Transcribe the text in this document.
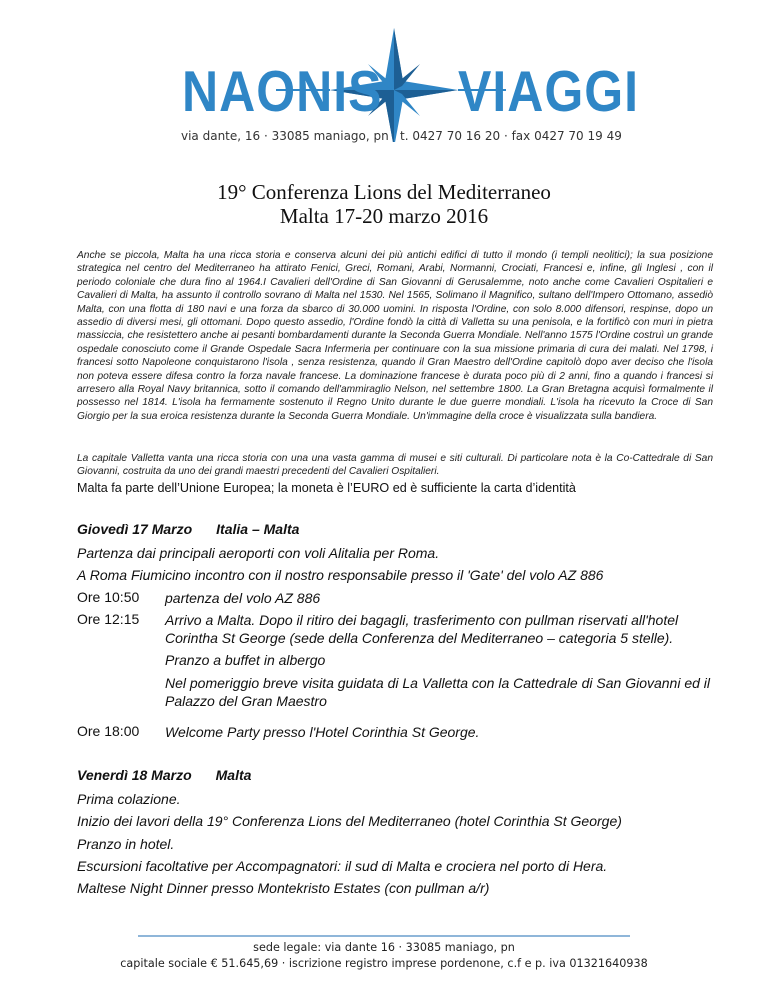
NAONIS VIAGGI
via dante, 16 · 33085 maniago, pn t. 0427 70 16 20 · fax 0427 70 19 49
19° Conferenza Lions del Mediterraneo
Malta 17-20 marzo 2016

Anche se piccola, Malta ha una ricca storia e conserva alcuni dei più antichi edifici di tutto il mondo (i templi neolitici); la sua posizione strategica nel centro del Mediterraneo ha attirato Fenici, Greci, Romani, Arabi, Normanni, Crociati, Francesi e, infine, gli Inglesi , con il periodo coloniale che dura fino al 1964.I Cavalieri dell'Ordine di San Giovanni di Gerusalemme, noto anche come Cavalieri Ospitalieri e Cavalieri di Malta, ha assunto il controllo sovrano di Malta nel 1530. Nel 1565, Solimano il Magnifico, sultano dell'Impero Ottomano, assediò Malta, con una flotta di 180 navi e una forza da sbarco di 30.000 uomini. In risposta l'Ordine, con solo 8.000 difensori, respinse, dopo un assedio di diversi mesi, gli ottomani. Dopo questo assedio, l'Ordine fondò la città di Valletta su una penisola, e la fortificò con muri in pietra massiccia, che resistettero anche ai pesanti bombardamenti durante la Seconda Guerra Mondiale. Nell'anno 1575 l'Ordine costruì un grande ospedale conosciuto come il Grande Ospedale Sacra Infermeria per continuare con la sua missione primaria di cura dei malati. Nel 1798, i francesi sotto Napoleone conquistarono l'isola , senza resistenza, quando il Gran Maestro dell'Ordine capitolò dopo aver deciso che l'isola non poteva essere difesa contro la forza navale francese. La dominazione francese è durata poco più di 2 anni, fino a quando i francesi si arresero alla Royal Navy britannica, sotto il comando dell'ammiraglio Nelson, nel settembre 1800. La Gran Bretagna acquisì formalmente il possesso nel 1814. L'isola ha fermamente sostenuto il Regno Unito durante le due guerre mondiali. L'isola ha ricevuto la Croce di San Giorgio per la sua eroica resistenza durante la Seconda Guerra Mondiale. Un'immagine della croce è visualizzata sulla bandiera.

La capitale Valletta vanta una ricca storia con una una vasta gamma di musei e siti culturali. Di particolare nota è la Co-Cattedrale di San Giovanni, costruita da uno dei grandi maestri precedenti del Cavalieri Ospitalieri.

Malta fa parte dell’Unione Europea; la moneta è l’EURO ed è sufficiente la carta d’identità
Giovedì 17 Marzo Italia – Malta
Partenza dai principali aeroporti con voli Alitalia per Roma.
A Roma Fiumicino incontro con il nostro responsabile presso il 'Gate' del volo AZ 886
Ore 10:50 partenza del volo AZ 886
Ore 12:15 Arrivo a Malta. Dopo il ritiro dei bagagli, trasferimento con pullman riservati all'hotel Corintha St George (sede della Conferenza del Mediterraneo – categoria 5 stelle).
Pranzo a buffet in albergo
Nel pomeriggio breve visita guidata di La Valletta con la Cattedrale di San Giovanni ed il Palazzo del Gran Maestro
Ore 18:00 Welcome Party presso l'Hotel Corinthia St George.
Venerdì 18 Marzo Malta
Prima colazione.
Inizio dei lavori della 19° Conferenza Lions del Mediterraneo (hotel Corinthia St George)
Pranzo in hotel.
Escursioni facoltative per Accompagnatori: il sud di Malta e crociera nel porto di Hera.
Maltese Night Dinner presso Montekristo Estates (con pullman a/r)
sede legale: via dante 16 · 33085 maniago, pn
capitale sociale € 51.645,69 · iscrizione registro imprese pordenone, c.f e p. iva 01321640938
